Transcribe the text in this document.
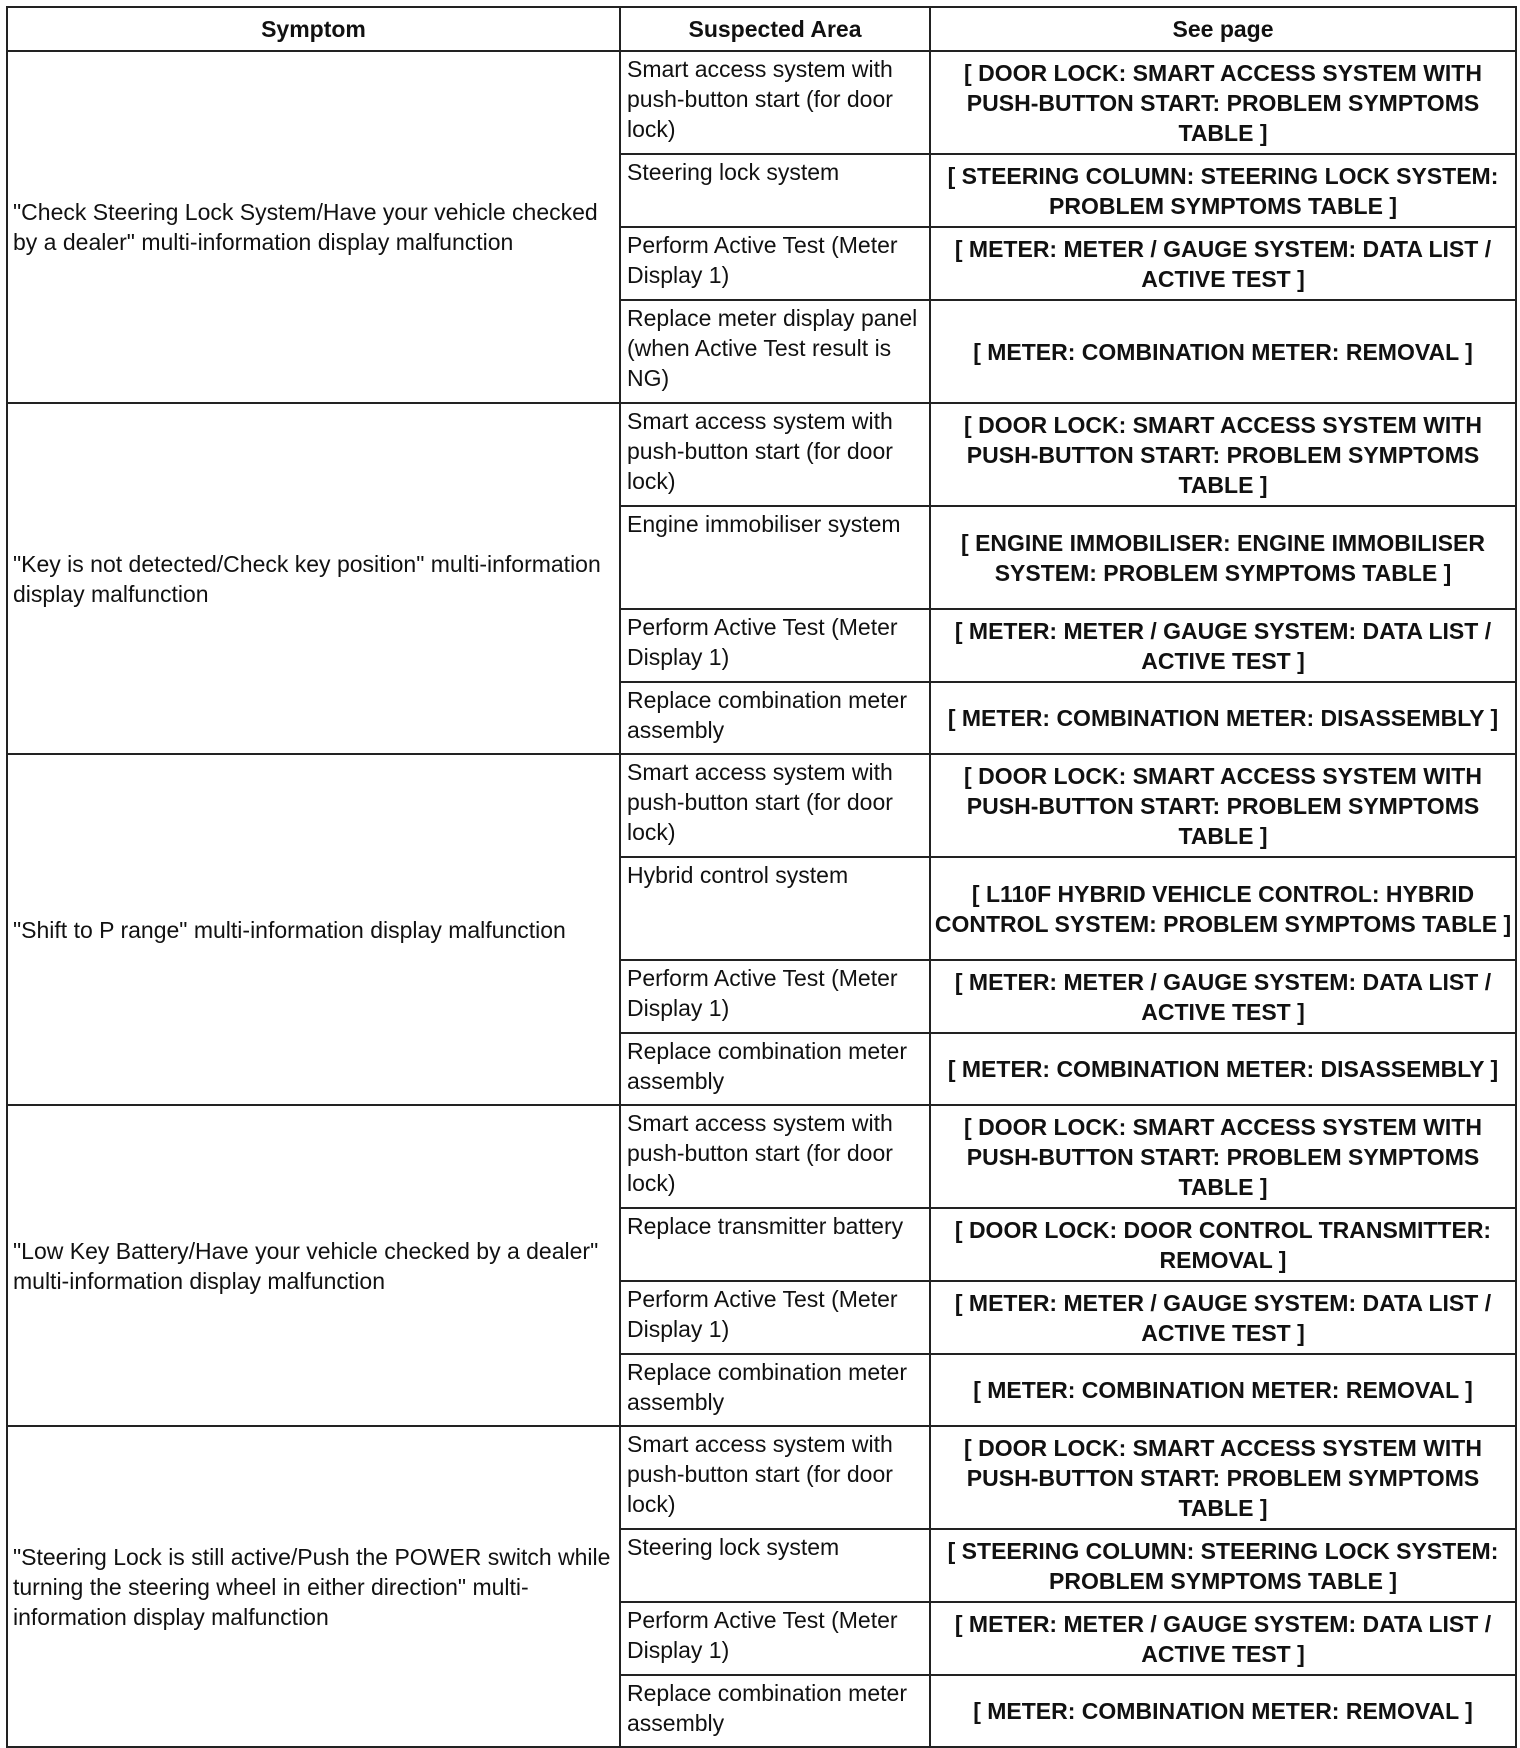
Symptom	Suspected Area	See page
"Check Steering Lock System/Have your vehicle checked by a dealer" multi-information display malfunction	Smart access system with push-button start (for door lock)	[ DOOR LOCK: SMART ACCESS SYSTEM WITH PUSH-BUTTON START: PROBLEM SYMPTOMS TABLE ]
	Steering lock system	[ STEERING COLUMN: STEERING LOCK SYSTEM: PROBLEM SYMPTOMS TABLE ]
	Perform Active Test (Meter Display 1)	[ METER: METER / GAUGE SYSTEM: DATA LIST / ACTIVE TEST ]
	Replace meter display panel (when Active Test result is NG)	[ METER: COMBINATION METER: REMOVAL ]
"Key is not detected/Check key position" multi-information display malfunction	Smart access system with push-button start (for door lock)	[ DOOR LOCK: SMART ACCESS SYSTEM WITH PUSH-BUTTON START: PROBLEM SYMPTOMS TABLE ]
	Engine immobiliser system	[ ENGINE IMMOBILISER: ENGINE IMMOBILISER SYSTEM: PROBLEM SYMPTOMS TABLE ]
	Perform Active Test (Meter Display 1)	[ METER: METER / GAUGE SYSTEM: DATA LIST / ACTIVE TEST ]
	Replace combination meter assembly	[ METER: COMBINATION METER: DISASSEMBLY ]
"Shift to P range" multi-information display malfunction	Smart access system with push-button start (for door lock)	[ DOOR LOCK: SMART ACCESS SYSTEM WITH PUSH-BUTTON START: PROBLEM SYMPTOMS TABLE ]
	Hybrid control system	[ L110F HYBRID VEHICLE CONTROL: HYBRID CONTROL SYSTEM: PROBLEM SYMPTOMS TABLE ]
	Perform Active Test (Meter Display 1)	[ METER: METER / GAUGE SYSTEM: DATA LIST / ACTIVE TEST ]
	Replace combination meter assembly	[ METER: COMBINATION METER: DISASSEMBLY ]
"Low Key Battery/Have your vehicle checked by a dealer" multi-information display malfunction	Smart access system with push-button start (for door lock)	[ DOOR LOCK: SMART ACCESS SYSTEM WITH PUSH-BUTTON START: PROBLEM SYMPTOMS TABLE ]
	Replace transmitter battery	[ DOOR LOCK: DOOR CONTROL TRANSMITTER: REMOVAL ]
	Perform Active Test (Meter Display 1)	[ METER: METER / GAUGE SYSTEM: DATA LIST / ACTIVE TEST ]
	Replace combination meter assembly	[ METER: COMBINATION METER: REMOVAL ]
"Steering Lock is still active/Push the POWER switch while turning the steering wheel in either direction" multi-information display malfunction	Smart access system with push-button start (for door lock)	[ DOOR LOCK: SMART ACCESS SYSTEM WITH PUSH-BUTTON START: PROBLEM SYMPTOMS TABLE ]
	Steering lock system	[ STEERING COLUMN: STEERING LOCK SYSTEM: PROBLEM SYMPTOMS TABLE ]
	Perform Active Test (Meter Display 1)	[ METER: METER / GAUGE SYSTEM: DATA LIST / ACTIVE TEST ]
	Replace combination meter assembly	[ METER: COMBINATION METER: REMOVAL ]
